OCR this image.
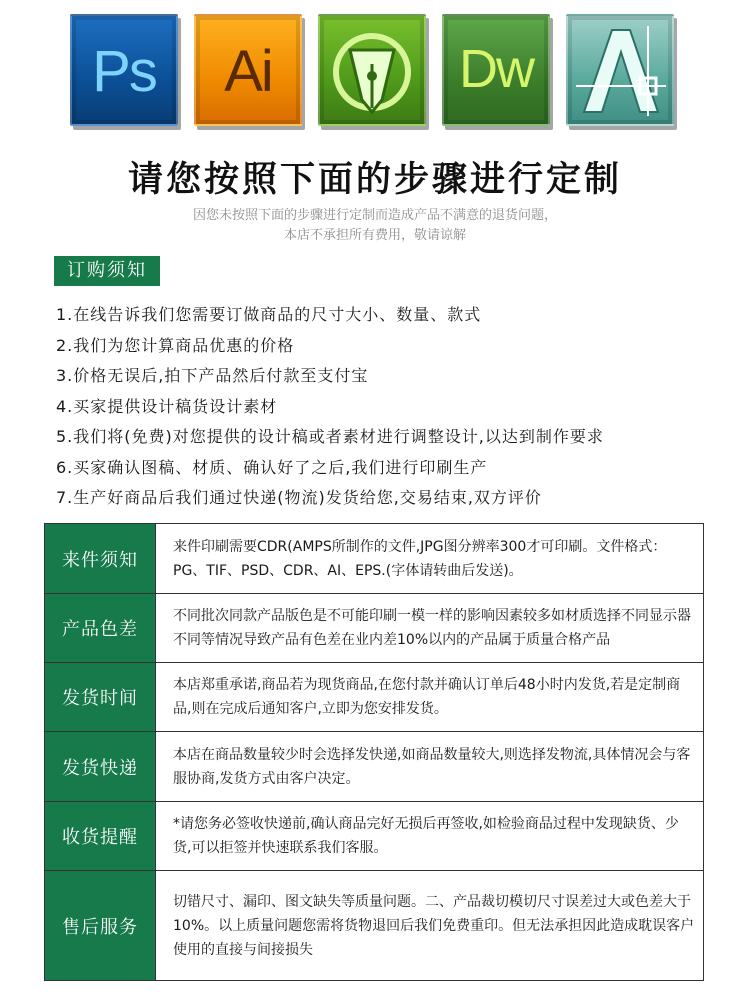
Ps	Ai	Dw
请您按照下面的步骤进行定制
因您未按照下面的步骤进行定制而造成产品不满意的退货问题，
本店不承担所有费用，敬请谅解
订购须知
1.在线告诉我们您需要订做商品的尺寸大小、数量、款式
2.我们为您计算商品优惠的价格
3.价格无误后,拍下产品然后付款至支付宝
4.买家提供设计稿货设计素材
5.我们将(免费)对您提供的设计稿或者素材进行调整设计,以达到制作要求
6.买家确认图稿、材质、确认好了之后,我们进行印刷生产
7.生产好商品后我们通过快递(物流)发货给您,交易结束,双方评价
来件须知	来件印刷需要CDR(AMPS所制作的文件,JPG图分辨率300才可印刷。文件格式：PG、TIF、PSD、CDR、AI、EPS.(字体请转曲后发送)。
产品色差	不同批次同款产品版色是不可能印刷一模一样的影响因素较多如材质选择不同显示器不同等情况导致产品有色差在业内差10%以内的产品属于质量合格产品
发货时间	本店郑重承诺,商品若为现货商品,在您付款并确认订单后48小时内发货,若是定制商品,则在完成后通知客户,立即为您安排发货。
发货快递	本店在商品数量较少时会选择发快递,如商品数量较大,则选择发物流,具体情况会与客服协商,发货方式由客户决定。
收货提醒	*请您务必签收快递前,确认商品完好无损后再签收,如检验商品过程中发现缺货、少货,可以拒签并快速联系我们客服。
售后服务	切错尺寸、漏印、图文缺失等质量问题。二、产品裁切模切尺寸误差过大或色差大于10%。以上质量问题您需将货物退回后我们免费重印。但无法承担因此造成耽误客户使用的直接与间接损失
